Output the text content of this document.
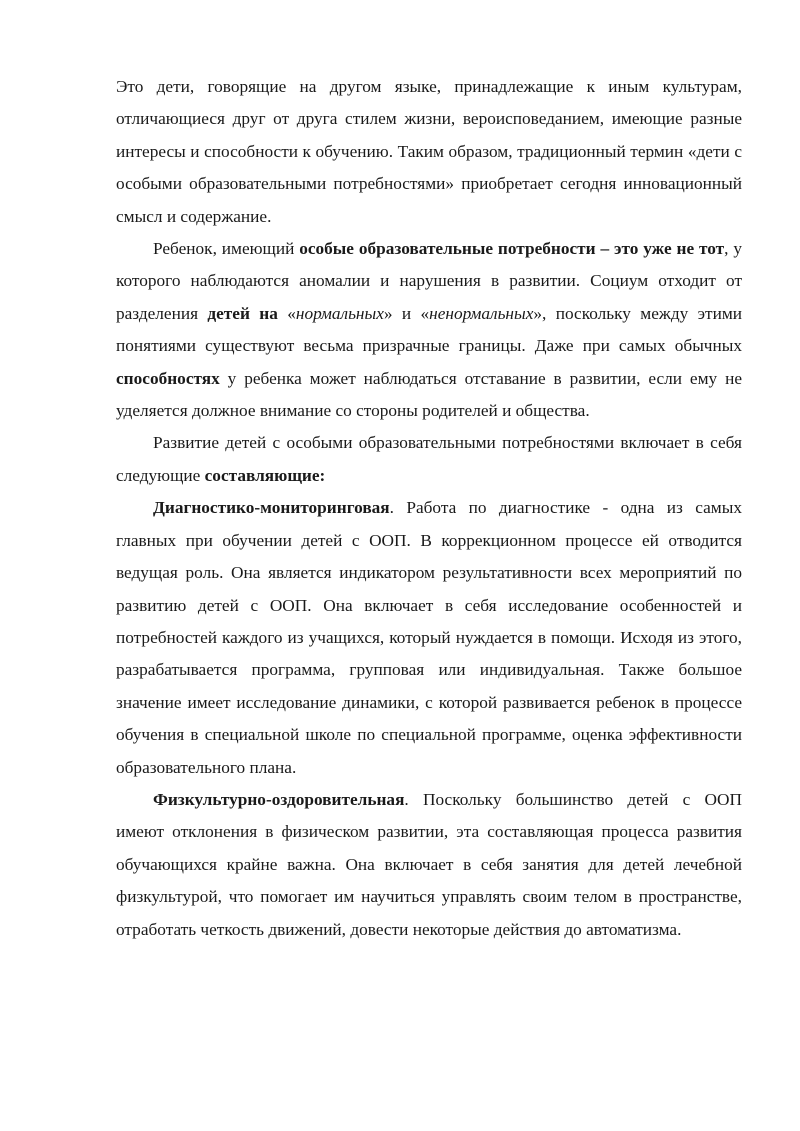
Это дети, говорящие на другом языке, принадлежащие к иным культурам, отличающиеся друг от друга стилем жизни, вероисповеданием, имеющие разные интересы и способности к обучению. Таким образом, традиционный термин «дети с особыми образовательными потребностями» приобретает сегодня инновационный смысл и содержание.

Ребенок, имеющий особые образовательные потребности – это уже не тот, у которого наблюдаются аномалии и нарушения в развитии. Социум отходит от разделения детей на «нормальных» и «ненормальных», поскольку между этими понятиями существуют весьма призрачные границы. Даже при самых обычных способностях у ребенка может наблюдаться отставание в развитии, если ему не уделяется должное внимание со стороны родителей и общества.

Развитие детей с особыми образовательными потребностями включает в себя следующие составляющие:

Диагностико-мониторинговая. Работа по диагностике - одна из самых главных при обучении детей с ООП. В коррекционном процессе ей отводится ведущая роль. Она является индикатором результативности всех мероприятий по развитию детей с ООП. Она включает в себя исследование особенностей и потребностей каждого из учащихся, который нуждается в помощи. Исходя из этого, разрабатывается программа, групповая или индивидуальная. Также большое значение имеет исследование динамики, с которой развивается ребенок в процессе обучения в специальной школе по специальной программе, оценка эффективности образовательного плана.

Физкультурно-оздоровительная. Поскольку большинство детей с ООП имеют отклонения в физическом развитии, эта составляющая процесса развития обучающихся крайне важна. Она включает в себя занятия для детей лечебной физкультурой, что помогает им научиться управлять своим телом в пространстве, отработать четкость движений, довести некоторые действия до автоматизма.
